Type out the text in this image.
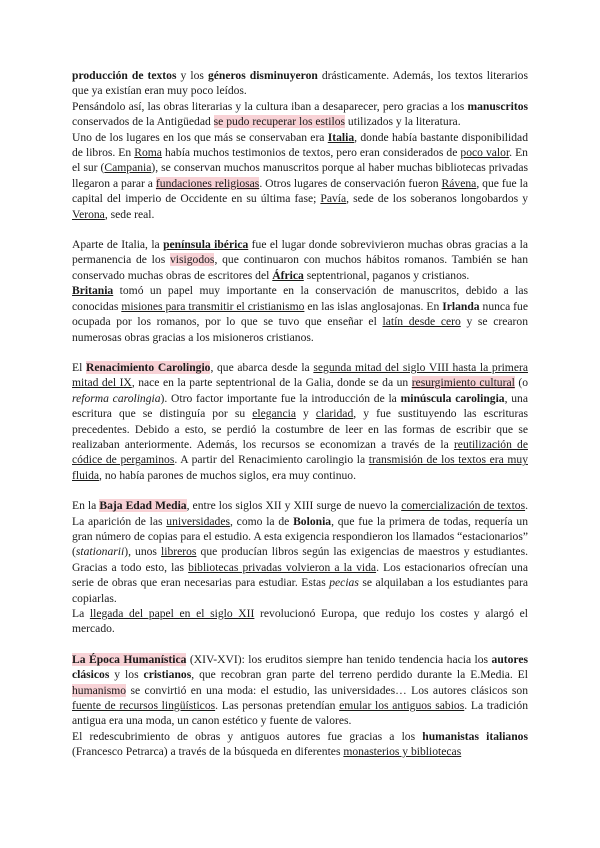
producción de textos y los géneros disminuyeron drásticamente. Además, los textos literarios que ya existían eran muy poco leídos.

Pensándolo así, las obras literarias y la cultura iban a desaparecer, pero gracias a los manuscritos conservados de la Antigüedad se pudo recuperar los estilos utilizados y la literatura.

Uno de los lugares en los que más se conservaban era Italia, donde había bastante disponibilidad de libros. En Roma había muchos testimonios de textos, pero eran considerados de poco valor. En el sur (Campania), se conservan muchos manuscritos porque al haber muchas bibliotecas privadas llegaron a parar a fundaciones religiosas. Otros lugares de conservación fueron Rávena, que fue la capital del imperio de Occidente en su última fase; Pavía, sede de los soberanos longobardos y Verona, sede real.

Aparte de Italia, la península ibérica fue el lugar donde sobrevivieron muchas obras gracias a la permanencia de los visigodos, que continuaron con muchos hábitos romanos. También se han conservado muchas obras de escritores del África septentrional, paganos y cristianos.

Britania tomó un papel muy importante en la conservación de manuscritos, debido a las conocidas misiones para transmitir el cristianismo en las islas anglosajonas. En Irlanda nunca fue ocupada por los romanos, por lo que se tuvo que enseñar el latín desde cero y se crearon numerosas obras gracias a los misioneros cristianos.

El Renacimiento Carolingio, que abarca desde la segunda mitad del siglo VIII hasta la primera mitad del IX, nace en la parte septentrional de la Galia, donde se da un resurgimiento cultural (o reforma carolingia). Otro factor importante fue la introducción de la minúscula carolingia, una escritura que se distinguía por su elegancia y claridad, y fue sustituyendo las escrituras precedentes. Debido a esto, se perdió la costumbre de leer en las formas de escribir que se realizaban anteriormente. Además, los recursos se economizan a través de la reutilización de códice de pergaminos. A partir del Renacimiento carolingio la transmisión de los textos era muy fluida, no había parones de muchos siglos, era muy continuo.

En la Baja Edad Media, entre los siglos XII y XIII surge de nuevo la comercialización de textos. La aparición de las universidades, como la de Bolonia, que fue la primera de todas, requería un gran número de copias para el estudio. A esta exigencia respondieron los llamados “estacionarios” (stationarii), unos libreros que producían libros según las exigencias de maestros y estudiantes. Gracias a todo esto, las bibliotecas privadas volvieron a la vida. Los estacionarios ofrecían una serie de obras que eran necesarias para estudiar. Estas pecias se alquilaban a los estudiantes para copiarlas.

La llegada del papel en el siglo XII revolucionó Europa, que redujo los costes y alargó el mercado.

La Época Humanística (XIV-XVI): los eruditos siempre han tenido tendencia hacia los autores clásicos y los cristianos, que recobran gran parte del terreno perdido durante la E.Media. El humanismo se convirtió en una moda: el estudio, las universidades… Los autores clásicos son fuente de recursos lingüísticos. Las personas pretendían emular los antiguos sabios. La tradición antigua era una moda, un canon estético y fuente de valores.

El redescubrimiento de obras y antiguos autores fue gracias a los humanistas italianos (Francesco Petrarca) a través de la búsqueda en diferentes monasterios y bibliotecas
